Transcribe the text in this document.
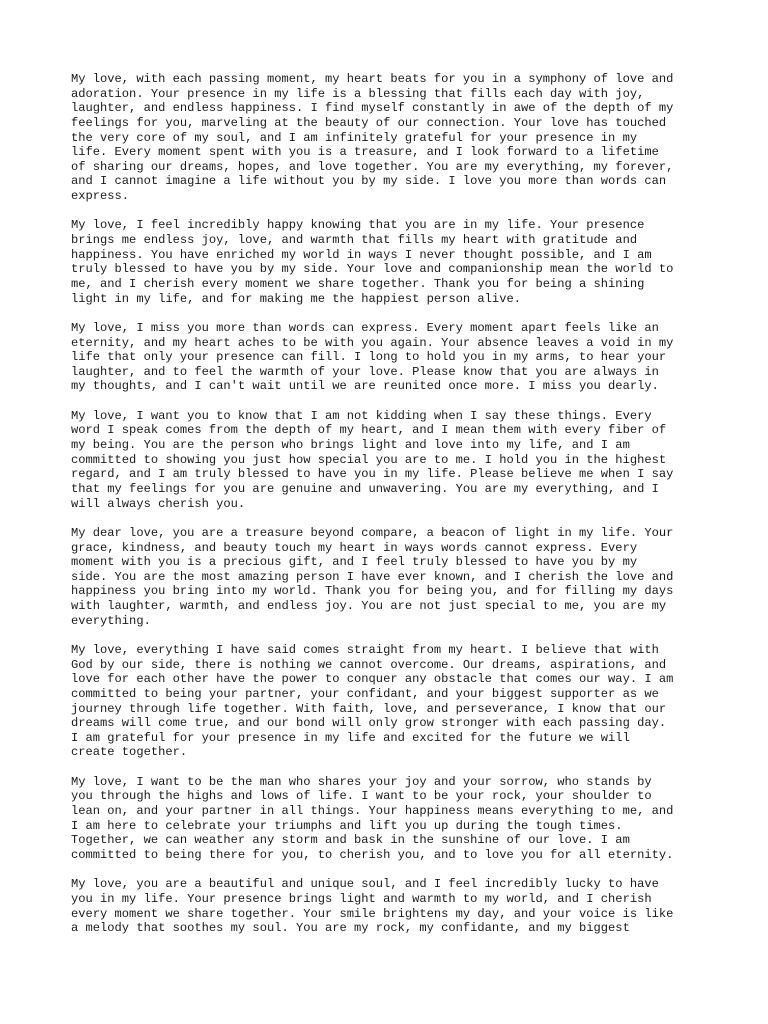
My love, with each passing moment, my heart beats for you in a symphony of love and
adoration. Your presence in my life is a blessing that fills each day with joy,
laughter, and endless happiness. I find myself constantly in awe of the depth of my
feelings for you, marveling at the beauty of our connection. Your love has touched
the very core of my soul, and I am infinitely grateful for your presence in my
life. Every moment spent with you is a treasure, and I look forward to a lifetime
of sharing our dreams, hopes, and love together. You are my everything, my forever,
and I cannot imagine a life without you by my side. I love you more than words can
express.
My love, I feel incredibly happy knowing that you are in my life. Your presence
brings me endless joy, love, and warmth that fills my heart with gratitude and
happiness. You have enriched my world in ways I never thought possible, and I am
truly blessed to have you by my side. Your love and companionship mean the world to
me, and I cherish every moment we share together. Thank you for being a shining
light in my life, and for making me the happiest person alive.
My love, I miss you more than words can express. Every moment apart feels like an
eternity, and my heart aches to be with you again. Your absence leaves a void in my
life that only your presence can fill. I long to hold you in my arms, to hear your
laughter, and to feel the warmth of your love. Please know that you are always in
my thoughts, and I can't wait until we are reunited once more. I miss you dearly.
My love, I want you to know that I am not kidding when I say these things. Every
word I speak comes from the depth of my heart, and I mean them with every fiber of
my being. You are the person who brings light and love into my life, and I am
committed to showing you just how special you are to me. I hold you in the highest
regard, and I am truly blessed to have you in my life. Please believe me when I say
that my feelings for you are genuine and unwavering. You are my everything, and I
will always cherish you.
My dear love, you are a treasure beyond compare, a beacon of light in my life. Your
grace, kindness, and beauty touch my heart in ways words cannot express. Every
moment with you is a precious gift, and I feel truly blessed to have you by my
side. You are the most amazing person I have ever known, and I cherish the love and
happiness you bring into my world. Thank you for being you, and for filling my days
with laughter, warmth, and endless joy. You are not just special to me, you are my
everything.
My love, everything I have said comes straight from my heart. I believe that with
God by our side, there is nothing we cannot overcome. Our dreams, aspirations, and
love for each other have the power to conquer any obstacle that comes our way. I am
committed to being your partner, your confidant, and your biggest supporter as we
journey through life together. With faith, love, and perseverance, I know that our
dreams will come true, and our bond will only grow stronger with each passing day.
I am grateful for your presence in my life and excited for the future we will
create together.
My love, I want to be the man who shares your joy and your sorrow, who stands by
you through the highs and lows of life. I want to be your rock, your shoulder to
lean on, and your partner in all things. Your happiness means everything to me, and
I am here to celebrate your triumphs and lift you up during the tough times.
Together, we can weather any storm and bask in the sunshine of our love. I am
committed to being there for you, to cherish you, and to love you for all eternity.
My love, you are a beautiful and unique soul, and I feel incredibly lucky to have
you in my life. Your presence brings light and warmth to my world, and I cherish
every moment we share together. Your smile brightens my day, and your voice is like
a melody that soothes my soul. You are my rock, my confidante, and my biggest
